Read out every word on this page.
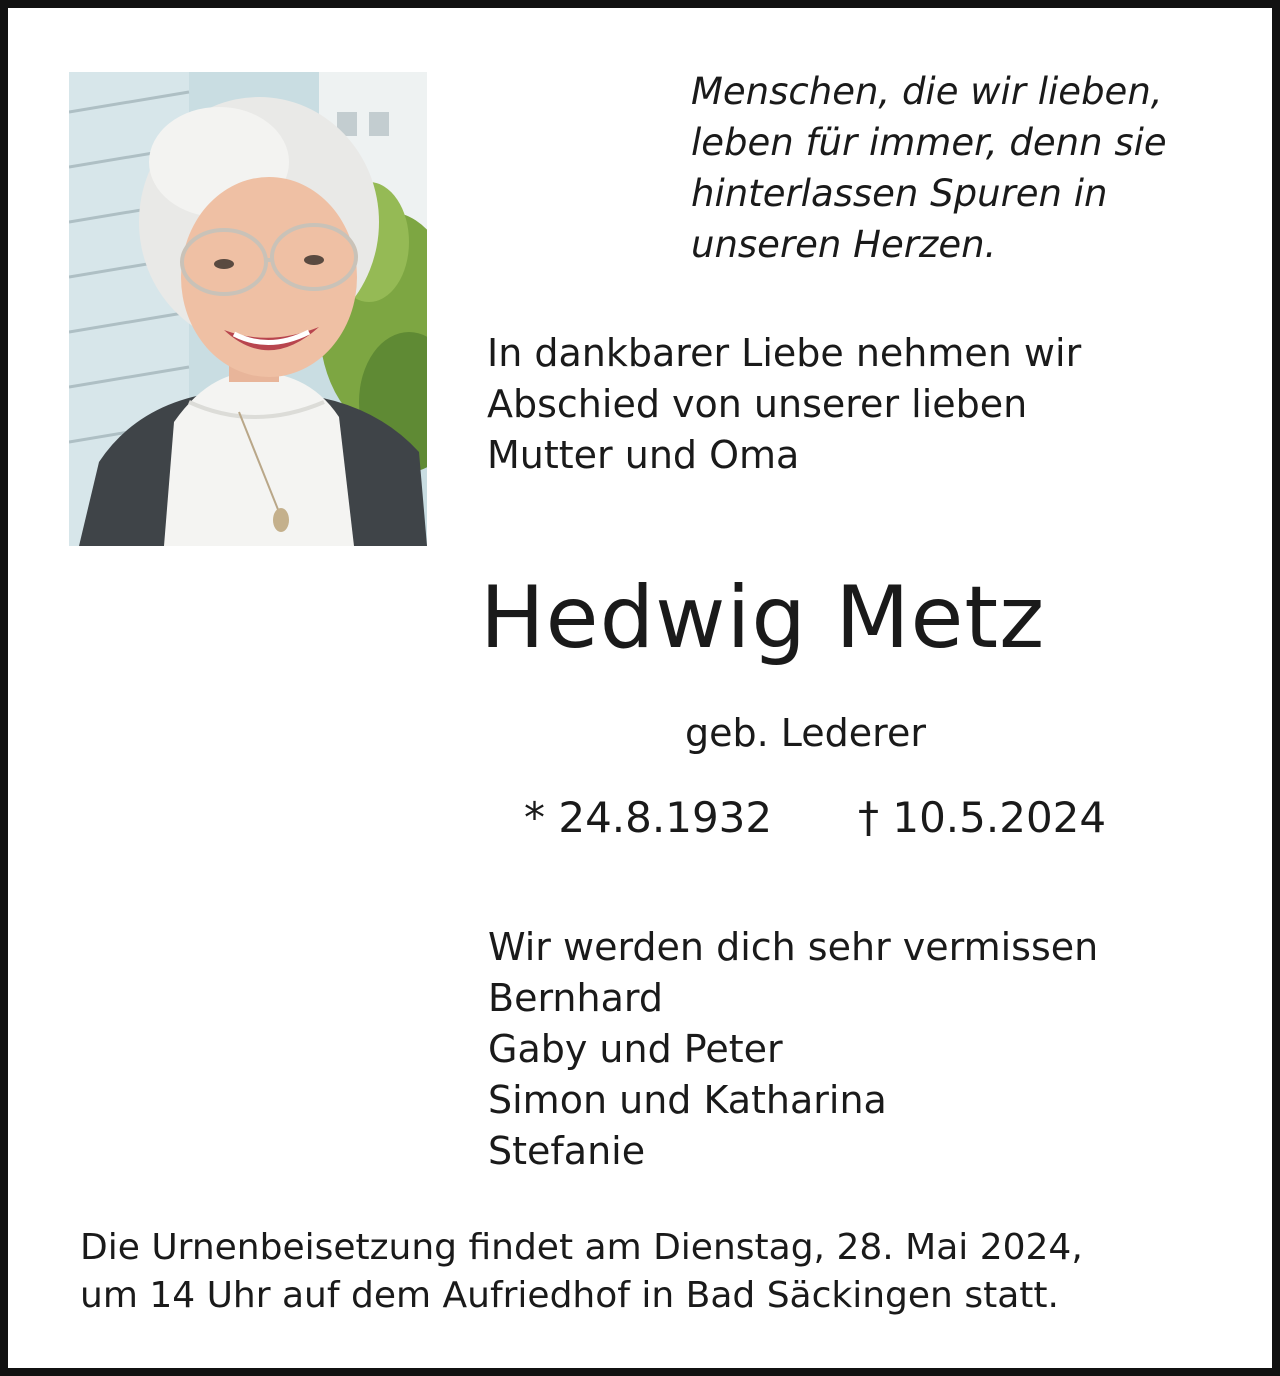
Menschen, die wir lieben,
leben für immer, denn sie
hinterlassen Spuren in
unseren Herzen.
In dankbarer Liebe nehmen wir
Abschied von unserer lieben
Mutter und Oma
Hedwig Metz
geb. Lederer
* 24.8.1932 † 10.5.2024
Wir werden dich sehr vermissen
Bernhard
Gaby und Peter
Simon und Katharina
Stefanie
Die Urnenbeisetzung findet am Dienstag, 28. Mai 2024,
um 14 Uhr auf dem Aufriedhof in Bad Säckingen statt.
